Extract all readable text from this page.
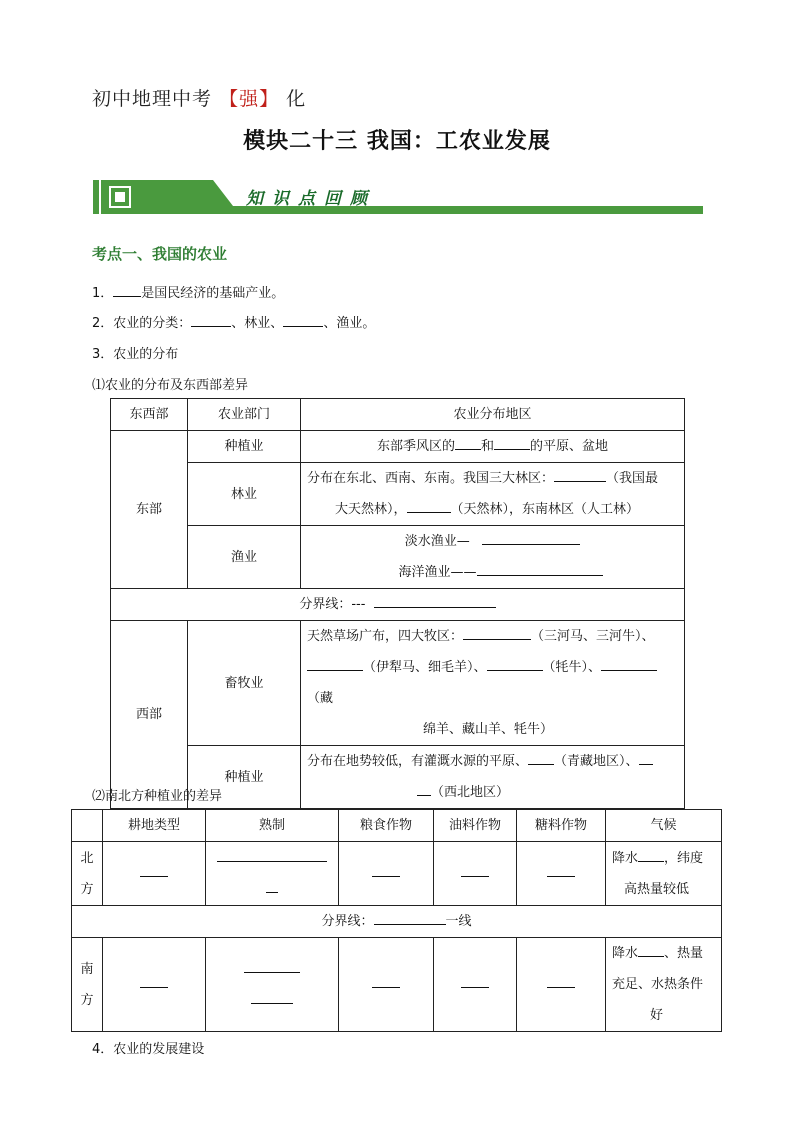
初中地理中考 【强】 化
模块二十三 我国：工农业发展
知识点回顾
考点一、我国的农业
1． 是国民经济的基础产业。
2．农业的分类：	、林业、	、渔业。
3．农业的分布
⑴农业的分布及东西部差异
东西部	农业部门	农业分布地区
东部	种植业	东部季风区的 和 的平原、盆地
	林业	分布在东北、西南、东南。我国三大林区： （我国最
大天然林）， （天然林），东南林区（人工林）
	渔业	淡水渔业—
海洋渔业——
分界线：---		
西部	畜牧业	天然草场广布，四大牧区： （三河马、三河牛）、
（伊犁马、细毛羊）、 （牦牛）、（藏
绵羊、藏山羊、牦牛）
	种植业	分布在地势较低，有灌溉水源的平原、 （青藏地区）、
（西北地区）
⑵南北方种植业的差异
	耕地类型	熟制	粮食作物	油料作物	糖料作物	气候
北
方						降水 ，纬度
高热量较低
分界线： 一线						
南
方						降水 、热量
充足、水热条件
好
4．农业的发展建设
